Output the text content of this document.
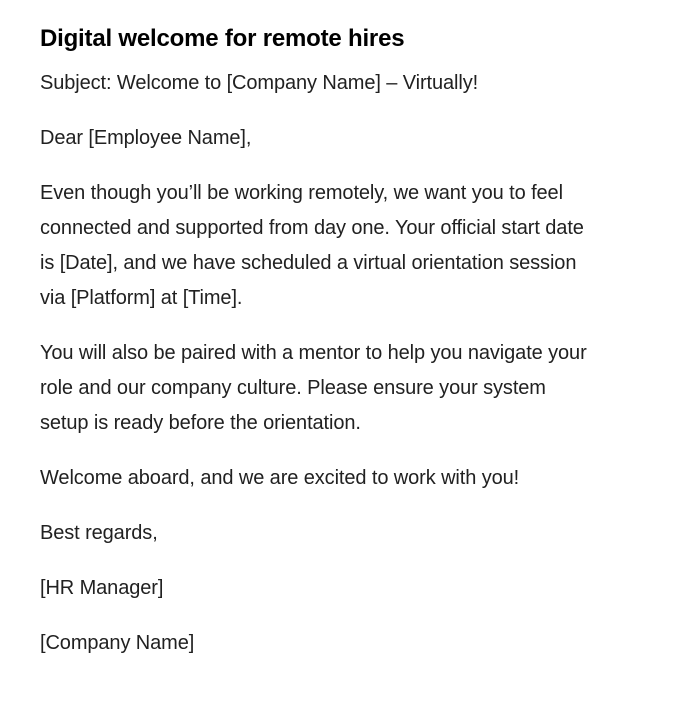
Digital welcome for remote hires

Subject: Welcome to [Company Name] – Virtually!

Dear [Employee Name],

Even though you’ll be working remotely, we want you to feel
connected and supported from day one. Your official start date
is [Date], and we have scheduled a virtual orientation session
via [Platform] at [Time].

You will also be paired with a mentor to help you navigate your
role and our company culture. Please ensure your system
setup is ready before the orientation.

Welcome aboard, and we are excited to work with you!

Best regards,

[HR Manager]

[Company Name]
